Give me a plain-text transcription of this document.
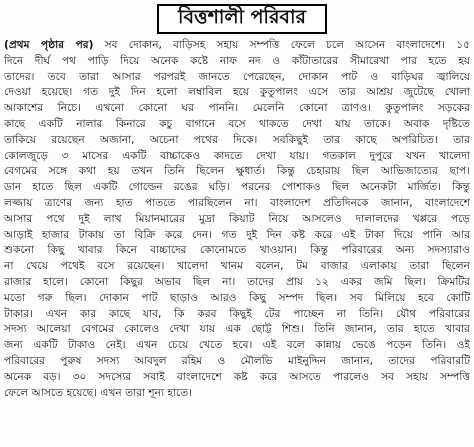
বিত্তশালী পরিবার
(প্রথম পৃষ্ঠার পর) সব দোকান, বাড়িসহ সহায় সম্পত্তি ফেলে চলে আসেন বাংলাদেশে। ১৫
দিনে দীর্ঘ পথ পাড়ি দিয়ে অনেক কষ্টে নাফ নদ ও কাঁটাতারের সীমারেখা পার হতে হয়
তাদের। তবে তারা আসার পরপরই জানতে পেরেছেন, দোকান পাট ও বাড়িঘর জ্বালিয়ে
দেওয়া হয়েছে। গত দুই দিন হলো লম্বাবিল হয়ে কুতুপালং এসে তার আশ্রয় জুটেছে খোলা
আকাশের নিচে। এখনো কোনো ঘর পাননি। মেলেনি কোনো ত্রাণও। কুতুপালং সড়কের
কাছে একটি নালার কিনারে কচু বাগানে বসে থাকতে দেখা যায় তাকে। অবাক দৃষ্টিতে
তাকিয়ে রয়েছেন অজানা, অচেনা পথের দিকে। সবকিছুই তার কাছে অপরিচিত। তার
কোলজুড়ে ৩ মাসের একটি বাচ্চাকেও কাদতে দেখা যায়। গতকাল দুপুরে যখন খালেদা
বেগমের সঙ্গে কথা হয় তখন তিনি ছিলেন ক্ষুধার্ত। কিন্তু চেহারায় ছিল আভিজাত্যের ছাপ।
ডান হাতে ছিল একটি গোল্ডেন রঙের ঘড়ি। পরনের পোশাকও ছিল অনেকটা মার্জিত। কিন্তু
লজ্জায় ত্রাণের জন্য হাত পাততে পারছিলেন না। বাংলাদেশ প্রতিদিনকে জানান, বাংলাদেশে
আসার পথে দুই লাখ মিয়ানমারের মুদ্রা কিয়াট নিয়ে আসলেও দালালদের খপ্পরে পড়ে
আড়াই হাজার টাকায় তা বিক্রি করে দেন। গত দুই দিন কষ্ট করে এই টাকা দিয়ে পানি আর
শুকনো কিছু খাবার কিনে বাচ্চাদের কোনোমতে খাওয়ান। কিন্তু পরিবারের অন্য সদস্যারাও
না খেয়ে পথেই বসে রয়েছেন। খালেদা খানম বলেন, টম বাজার এলাকায় তারা ছিলেন
রাজার হালে। কোনো কিছুর অভাব ছিল না। তাদের প্রায় ১২ একর জমি ছিল। ক্রিমটির
মতো গরু ছিল। দোকান পাট ছাড়াও আরও কিছু সম্পদ ছিল। সব মিলিয়ে হবে কোটি
টাকার। এখন কার কাছে যাব, কি করব কিছুই টের পাচ্ছেন না তিনি। যৌথ পরিবারের
সদস্য আলেয়া বেগমের কোলেও দেখা যায় এক ছোট্ট শিশু। তিনি জানান, তার হাতে খাবার
জন্য একটি টাকাও নেই। এখন চেয়ে খেতে হবে। এই বলে কান্নায় ভেঙে পড়েন তিনি। ওই
পরিবারের পুরুষ সদস্য আবদুল রহিম ও মৌলভি মাইনুদ্দিন জানান, তাদের পরিবারটি
অনেক বড়। ৩০ সদস্যের সবাই বাংলাদেশে কষ্ট করে আসতে পারলেও সব সহায় সম্পত্তি
ফেলে আসতে হয়েছে। এখন তারা শূন্য হাতে।
